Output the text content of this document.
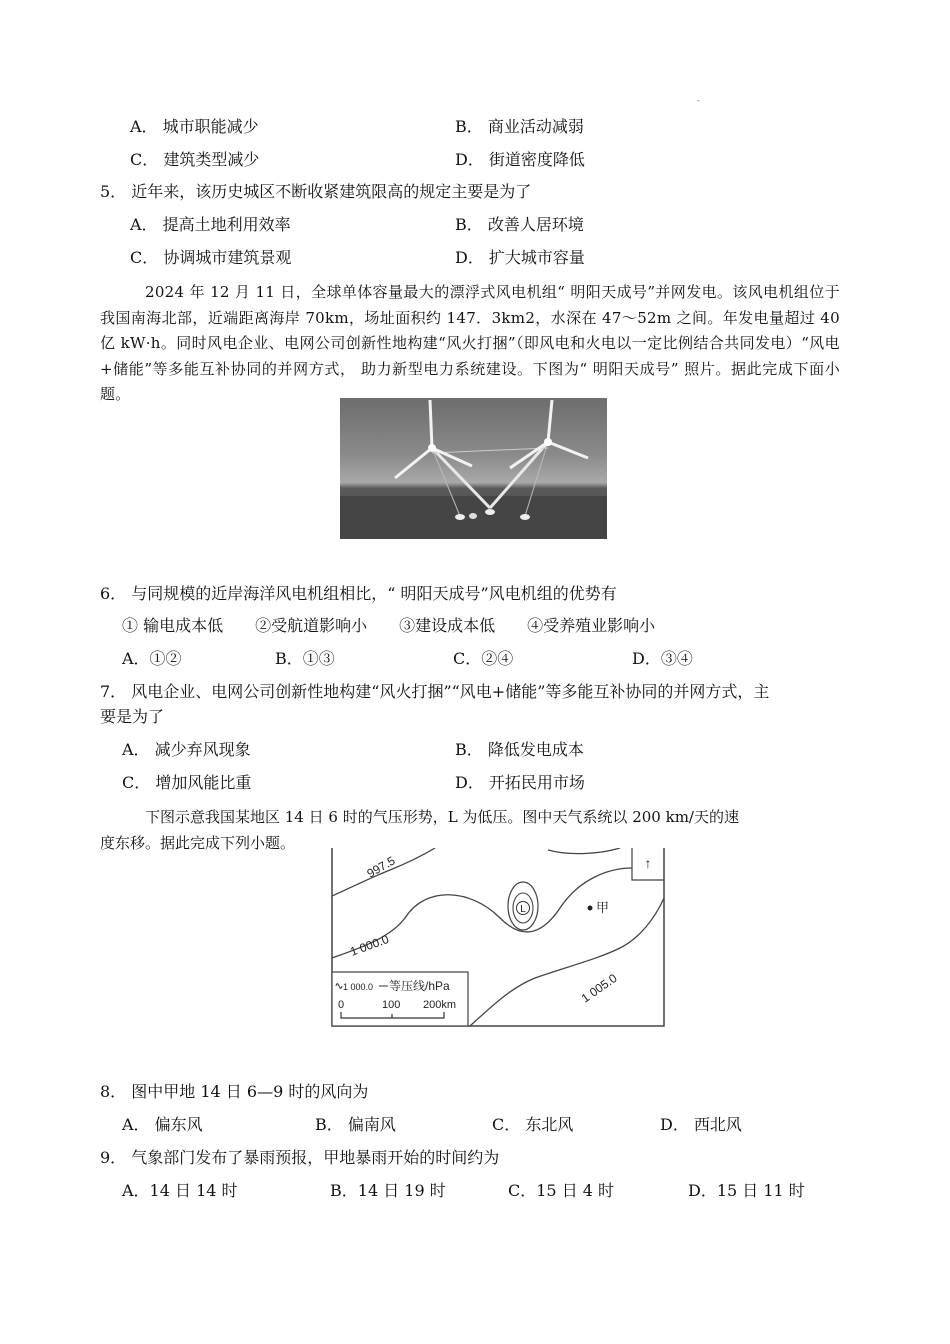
-
A． 城市职能减少	B． 商业活动减弱
C． 建筑类型减少	D． 街道密度降低
5． 近年来，该历史城区不断收紧建筑限高的规定主要是为了
A． 提高土地利用效率	B． 改善人居环境
C． 协调城市建筑景观	D． 扩大城市容量
2024 年 12 月 11 日，全球单体容量最大的漂浮式风电机组“ 明阳天成号”并网发电。该风电机组位于我国南海北部，近端距离海岸 70km，场址面积约 147．3km2，水深在 47～52m 之间。年发电量超过 40 亿 kW·h。同时风电企业、电网公司创新性地构建“风火打捆”（即风电和火电以一定比例结合共同发电）“风电+储能”等多能互补协同的并网方式， 助力新型电力系统建设。下图为“ 明阳天成号” 照片。据此完成下面小题。
6． 与同规模的近岸海洋风电机组相比，“ 明阳天成号”风电机组的优势有
① 输电成本低　　②受航道影响小　　③建设成本低　　④受养殖业影响小
A．①②	B．①③	C．②④	D．③④
7． 风电企业、电网公司创新性地构建“风火打捆”“风电+储能”等多能互补协同的并网方式，主
要是为了
A． 减少弃风现象	B． 降低发电成本
C． 增加风能比重	D． 开拓民用市场
下图示意我国某地区 14 日 6 时的气压形势，L 为低压。图中天气系统以 200 km/天的速
度东移。据此完成下列小题。
↑
997.5
1 000.0
L	甲
1 005.0
1 000.0 等压线/hPa
0	100 200km
8． 图中甲地 14 日 6—9 时的风向为
A． 偏东风	B． 偏南风	C． 东北风	D． 西北风
9． 气象部门发布了暴雨预报，甲地暴雨开始的时间约为
A．14 日 14 时	B．14 日 19 时	C．15 日 4 时	D．15 日 11 时
